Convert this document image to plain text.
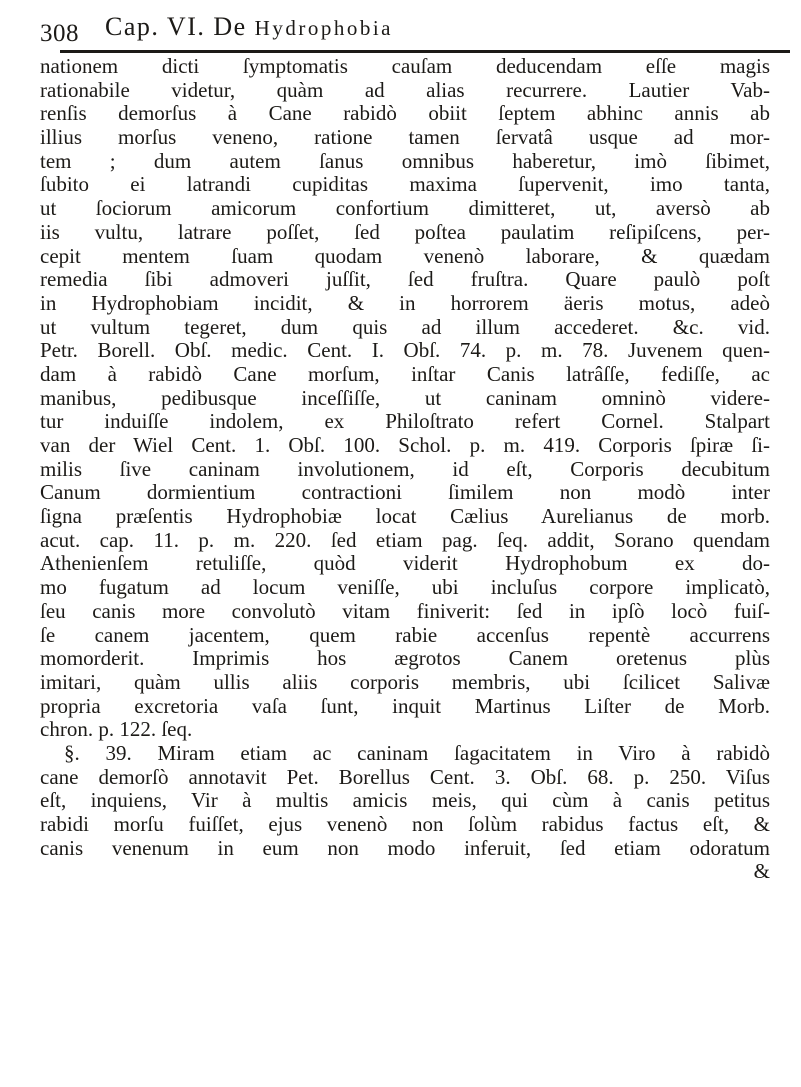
308 Cap. VI. De Hydrophobia
nationem dicti ſymptomatis cauſam deducendam eſſe magis
rationabile videtur, quàm ad alias recurrere. Lautier Vab-
renſis demorſus à Cane rabidò obiit ſeptem abhinc annis ab
illius morſus veneno, ratione tamen ſervatâ usque ad mor-
tem ; dum autem ſanus omnibus haberetur, imò ſibimet,
ſubito ei latrandi cupiditas maxima ſupervenit, imo tanta,
ut ſociorum amicorum confortium dimitteret, ut, aversò ab
iis vultu, latrare poſſet, ſed poſtea paulatim reſipiſcens, per-
cepit mentem ſuam quodam venenò laborare, & quædam
remedia ſibi admoveri juſſit, ſed fruſtra. Quare paulò poſt
in Hydrophobiam incidit, & in horrorem äeris motus, adeò
ut vultum tegeret, dum quis ad illum accederet. &c. vid.
Petr. Borell. Obſ. medic. Cent. I. Obſ. 74. p. m. 78. Juvenem quen-
dam à rabidò Cane morſum, inſtar Canis latrâſſe, fediſſe, ac
manibus, pedibusque inceſſiſſe, ut caninam omninò videre-
tur induiſſe indolem, ex Philoſtrato refert Cornel. Stalpart
van der Wiel Cent. 1. Obſ. 100. Schol. p. m. 419. Corporis ſpiræ ſi-
milis ſive caninam involutionem, id eſt, Corporis decubitum
Canum dormientium contractioni ſimilem non modò inter
ſigna præſentis Hydrophobiæ locat Cælius Aurelianus de morb.
acut. cap. 11. p. m. 220. ſed etiam pag. ſeq. addit, Sorano quendam
Athenienſem retuliſſe, quòd viderit Hydrophobum ex do-
mo fugatum ad locum veniſſe, ubi incluſus corpore implicatò,
ſeu canis more convolutò vitam finiverit: ſed in ipſò locò fuiſ-
ſe canem jacentem, quem rabie accenſus repentè accurrens
momorderit. Imprimis hos ægrotos Canem oretenus plùs
imitari, quàm ullis aliis corporis membris, ubi ſcilicet Salivæ
propria excretoria vaſa ſunt, inquit Martinus Liſter de Morb.
chron. p. 122. ſeq.
§. 39. Miram etiam ac caninam ſagacitatem in Viro à rabidò
cane demorſò annotavit Pet. Borellus Cent. 3. Obſ. 68. p. 250. Viſus
eſt, inquiens, Vir à multis amicis meis, qui cùm à canis petitus
rabidi morſu fuiſſet, ejus venenò non ſolùm rabidus factus eſt, &
canis venenum in eum non modo inferuit, ſed etiam odoratum
&
